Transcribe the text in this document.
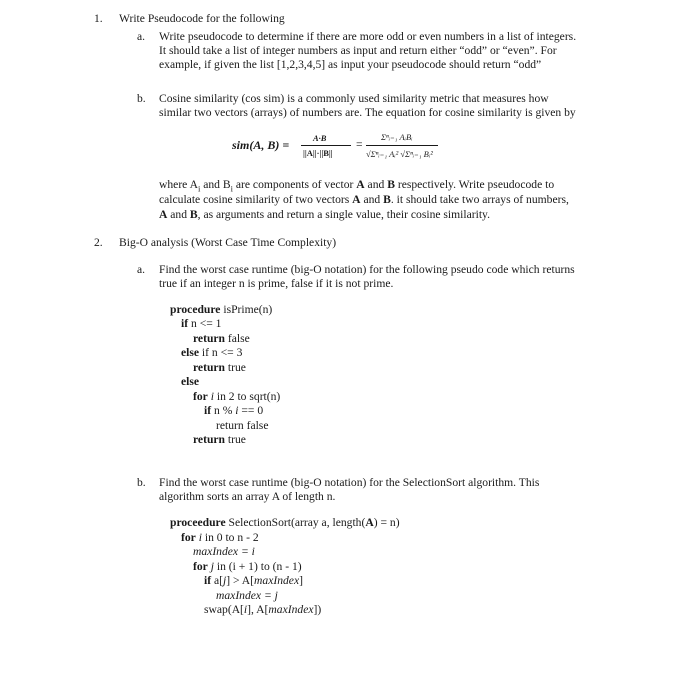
1. Write Pseudocode for the following
a. Write pseudocode to determine if there are more odd or even numbers in a list of integers.
It should take a list of integer numbers as input and return either “odd” or “even”. For
example, if given the list [1,2,3,4,5] as input your pseudocode should return “odd”
b. Cosine similarity (cos sim) is a commonly used similarity metric that measures how
similar two vectors (arrays) of numbers are. The equation for cosine similarity is given by
sim(A, B) =	A·B
||A||·||B||
=
Σⁿᵢ₌₁ AᵢBᵢ
√Σⁿᵢ₌₁ Aᵢ² √Σⁿᵢ₌₁ Bᵢ²
where $A_i$ and $B_i$ are components of vector A and B respectively. Write pseudocode to
calculate cosine similarity of two vectors A and B. it should take two arrays of numbers,
A and B, as arguments and return a single value, their cosine similarity.
2. Big-O analysis (Worst Case Time Complexity)
a. Find the worst case runtime (big-O notation) for the following pseudo code which returns
true if an integer n is prime, false if it is not prime.
procedure isPrime(n)
if n <= 1
return false
else if n <= 3
return true
else
for i in 2 to sqrt(n)
if n % i == 0
return false
return true
b. Find the worst case runtime (big-O notation) for the SelectionSort algorithm. This
algorithm sorts an array A of length n.
proceedure SelectionSort(array a, length(A) = n)
for i in 0 to n - 2
maxIndex = i
for j in (i + 1) to (n - 1)
if a[j] > A[maxIndex]
maxIndex = j
swap(A[i], A[maxIndex])
